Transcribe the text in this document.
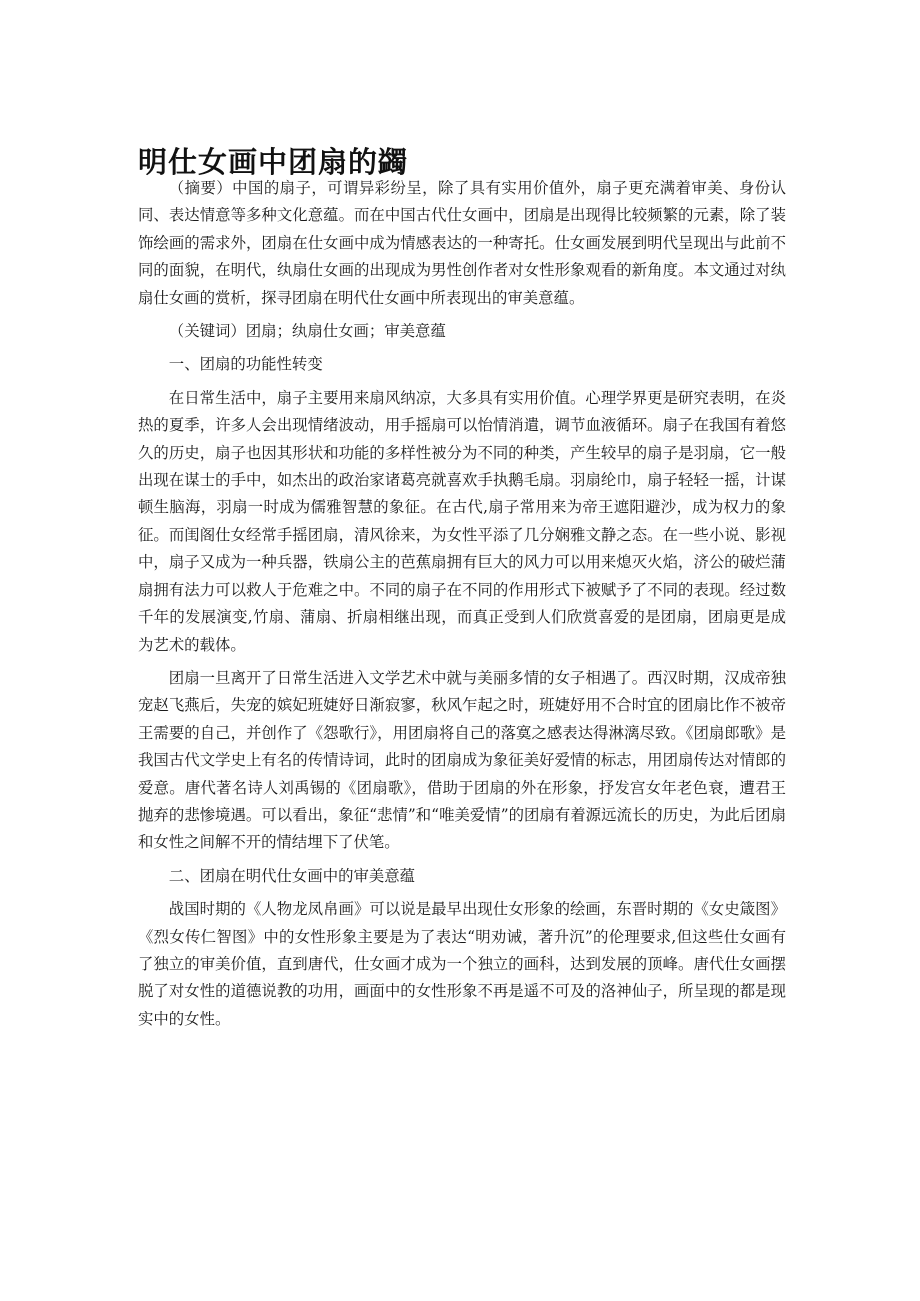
明仕女画中团扇的蠲

（摘要）中国的扇子，可谓异彩纷呈，除了具有实用价值外，扇子更充满着审美、身份认同、表达情意等多种文化意蕴。而在中国古代仕女画中，团扇是出现得比较频繁的元素，除了装饰绘画的需求外，团扇在仕女画中成为情感表达的一种寄托。仕女画发展到明代呈现出与此前不同的面貌，在明代，纨扇仕女画的出现成为男性创作者对女性形象观看的新角度。本文通过对纨扇仕女画的赏析，探寻团扇在明代仕女画中所表现出的审美意蕴。

（关键词）团扇；纨扇仕女画；审美意蕴

一、团扇的功能性转变

在日常生活中，扇子主要用来扇风纳凉，大多具有实用价值。心理学界更是研究表明，在炎热的夏季，许多人会出现情绪波动，用手摇扇可以怡情消遣，调节血液循环。扇子在我国有着悠久的历史，扇子也因其形状和功能的多样性被分为不同的种类，产生较早的扇子是羽扇，它一般出现在谋士的手中，如杰出的政治家诸葛亮就喜欢手执鹅毛扇。羽扇纶巾，扇子轻轻一摇，计谋顿生脑海，羽扇一时成为儒雅智慧的象征。在古代,扇子常用来为帝王遮阳避沙，成为权力的象征。而闺阁仕女经常手摇团扇，清风徐来，为女性平添了几分娴雅文静之态。在一些小说、影视中，扇子又成为一种兵器，铁扇公主的芭蕉扇拥有巨大的风力可以用来熄灭火焰，济公的破烂蒲扇拥有法力可以救人于危难之中。不同的扇子在不同的作用形式下被赋予了不同的表现。经过数千年的发展演变,竹扇、蒲扇、折扇相继出现，而真正受到人们欣赏喜爱的是团扇，团扇更是成为艺术的载体。

团扇一旦离开了日常生活进入文学艺术中就与美丽多情的女子相遇了。西汉时期，汉成帝独宠赵飞燕后，失宠的嫔妃班婕妤日渐寂寥，秋风乍起之时，班婕妤用不合时宜的团扇比作不被帝王需要的自己，并创作了《怨歌行》，用团扇将自己的落寞之感表达得淋漓尽致。《团扇郎歌》是我国古代文学史上有名的传情诗词，此时的团扇成为象征美好爱情的标志，用团扇传达对情郎的爱意。唐代著名诗人刘禹锡的《团扇歌》，借助于团扇的外在形象，抒发宫女年老色衰，遭君王抛弃的悲惨境遇。可以看出，象征“悲情”和“唯美爱情”的团扇有着源远流长的历史，为此后团扇和女性之间解不开的情结埋下了伏笔。

二、团扇在明代仕女画中的审美意蕴

战国时期的《人物龙凤帛画》可以说是最早出现仕女形象的绘画，东晋时期的《女史箴图》《烈女传仁智图》中的女性形象主要是为了表达“明劝诫，著升沉”的伦理要求,但这些仕女画有了独立的审美价值，直到唐代，仕女画才成为一个独立的画科，达到发展的顶峰。唐代仕女画摆脱了对女性的道德说教的功用，画面中的女性形象不再是遥不可及的洛神仙子，所呈现的都是现实中的女性。
